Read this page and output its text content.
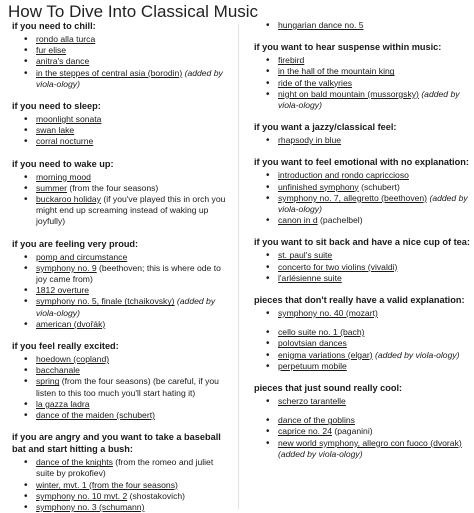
How To Dive Into Classical Music

if you need to chill:

• rondo alla turca
• fur elise
• anitra's dance
• in the steppes of central asia (borodin) (added by viola-ology)

if you need to sleep:

• moonlight sonata
• swan lake
• corral nocturne

if you need to wake up:

• morning mood
• summer (from the four seasons)
• buckaroo holiday (if you've played this in orch you might end up screaming instead of waking up joyfully)

if you are feeling very proud:

• pomp and circumstance
• symphony no. 9 (beethoven; this is where ode to joy came from)
• 1812 overture
• symphony no. 5, finale (tchaikovsky) (added by viola-ology)
• american (dvořák)

if you feel really excited:

• hoedown (copland)
• bacchanale
• spring (from the four seasons) (be careful, if you listen to this too much you'll start hating it)
• la gazza ladra
• dance of the maiden (schubert)

if you are angry and you want to take a baseball bat and start hitting a bush:

• dance of the knights (from the romeo and juliet suite by prokofiev)
• winter, mvt. 1 (from the four seasons)
• symphony no. 10 mvt. 2 (shostakovich)
• symphony no. 3 (schumann)
• hungarian dance no. 5

if you want to hear suspense within music:

• firebird
• in the hall of the mountain king
• ride of the valkyries
• night on bald mountain (mussorgsky) (added by viola-ology)

if you want a jazzy/classical feel:

• rhapsody in blue

if you want to feel emotional with no explanation:

• introduction and rondo capriccioso
• unfinished symphony (schubert)
• symphony no. 7, allegretto (beethoven) (added by viola-ology)
• canon in d (pachelbel)

if you want to sit back and have a nice cup of tea:

• st. paul's suite
• concerto for two violins (vivaldi)
• l'arlésienne suite

pieces that don't really have a valid explanation:

• symphony no. 40 (mozart)
• cello suite no. 1 (bach)
• polovtsian dances
• enigma variations (elgar) (added by viola-ology)
• perpetuum mobile

pieces that just sound really cool:

• scherzo tarantelle
• dance of the goblins
• caprice no. 24 (paganini)
• new world symphony, allegro con fuoco (dvorak) (added by viola-ology)
